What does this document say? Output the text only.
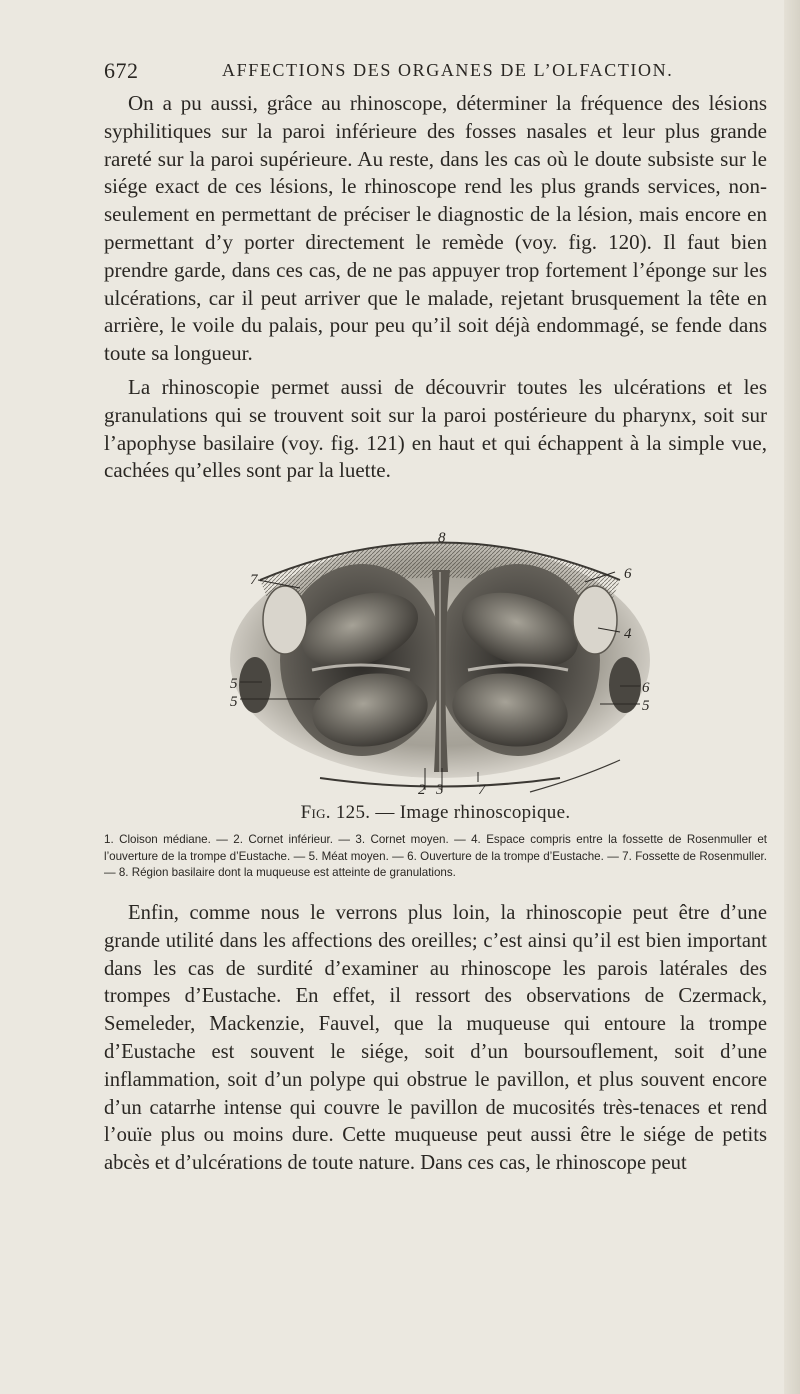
672	AFFECTIONS DES ORGANES DE L’OLFACTION.

On a pu aussi, grâce au rhinoscope, déterminer la fréquence des lésions syphilitiques sur la paroi inférieure des fosses nasales et leur plus grande rareté sur la paroi supérieure. Au reste, dans les cas où le doute subsiste sur le siége exact de ces lésions, le rhinoscope rend les plus grands services, non-seulement en permettant de préciser le diagnostic de la lésion, mais encore en permettant d’y porter directement le remède (voy. fig. 120). Il faut bien prendre garde, dans ces cas, de ne pas appuyer trop fortement l’éponge sur les ulcérations, car il peut arriver que le malade, rejetant brusquement la tête en arrière, le voile du palais, pour peu qu’il soit déjà endommagé, se fende dans toute sa longueur.

La rhinoscopie permet aussi de découvrir toutes les ulcérations et les granulations qui se trouvent soit sur la paroi postérieure du pharynx, soit sur l’apophyse basilaire (voy. fig. 121) en haut et qui échappent à la simple vue, cachées qu’elles sont par la luette.

8
7	6
4
5	6
5	5
2 3 7
Fig. 125. — Image rhinoscopique.
1. Cloison médiane. — 2. Cornet inférieur. — 3. Cornet moyen. — 4. Espace compris entre la fossette de Rosenmuller et l’ouverture de la trompe d’Eustache. — 5. Méat moyen. — 6. Ouverture de la trompe d’Eustache. — 7. Fossette de Rosenmuller. — 8. Région basilaire dont la muqueuse est atteinte de granulations.

Enfin, comme nous le verrons plus loin, la rhinoscopie peut être d’une grande utilité dans les affections des oreilles; c’est ainsi qu’il est bien important dans les cas de surdité d’examiner au rhinoscope les parois latérales des trompes d’Eustache. En effet, il ressort des observations de Czermack, Semeleder, Mackenzie, Fauvel, que la muqueuse qui entoure la trompe d’Eustache est souvent le siége, soit d’un boursouflement, soit d’une inflammation, soit d’un polype qui obstrue le pavillon, et plus souvent encore d’un catarrhe intense qui couvre le pavillon de mucosités très-tenaces et rend l’ouïe plus ou moins dure. Cette muqueuse peut aussi être le siége de petits abcès et d’ulcérations de toute nature. Dans ces cas, le rhinoscope peut
